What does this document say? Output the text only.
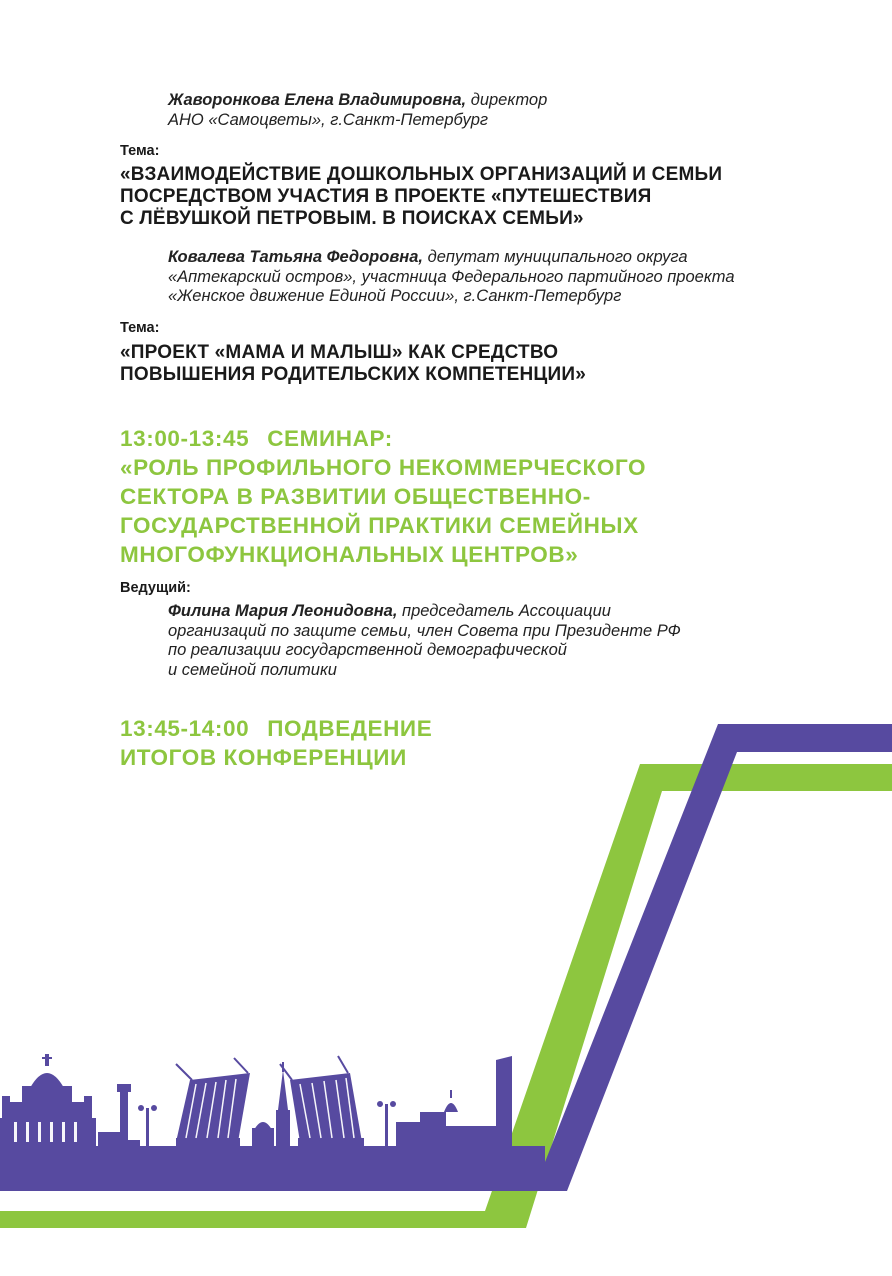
Жаворонкова Елена Владимировна, директор
АНО «Самоцветы», г.Санкт-Петербург
Тема:
«ВЗАИМОДЕЙСТВИЕ ДОШКОЛЬНЫХ ОРГАНИЗАЦИЙ И СЕМЬИ
ПОСРЕДСТВОМ УЧАСТИЯ В ПРОЕКТЕ «ПУТЕШЕСТВИЯ
С ЛЁВУШКОЙ ПЕТРОВЫМ. В ПОИСКАХ СЕМЬИ»
Ковалева Татьяна Федоровна, депутат муниципального округа
«Аптекарский остров», участница Федерального партийного проекта
«Женское движение Единой России», г.Санкт-Петербург
Тема:
«ПРОЕКТ «МАМА И МАЛЫШ» КАК СРЕДСТВО
ПОВЫШЕНИЯ РОДИТЕЛЬСКИХ КОМПЕТЕНЦИИ»
13:00-13:45 СЕМИНАР:
«РОЛЬ ПРОФИЛЬНОГО НЕКОММЕРЧЕСКОГО
СЕКТОРА В РАЗВИТИИ ОБЩЕСТВЕННО-
ГОСУДАРСТВЕННОЙ ПРАКТИКИ СЕМЕЙНЫХ
МНОГОФУНКЦИОНАЛЬНЫХ ЦЕНТРОВ»
Ведущий:
Филина Мария Леонидовна, председатель Ассоциации
организаций по защите семьи, член Совета при Президенте РФ
по реализации государственной демографической
и семейной политики
13:45-14:00 ПОДВЕДЕНИЕ
ИТОГОВ КОНФЕРЕНЦИИ
